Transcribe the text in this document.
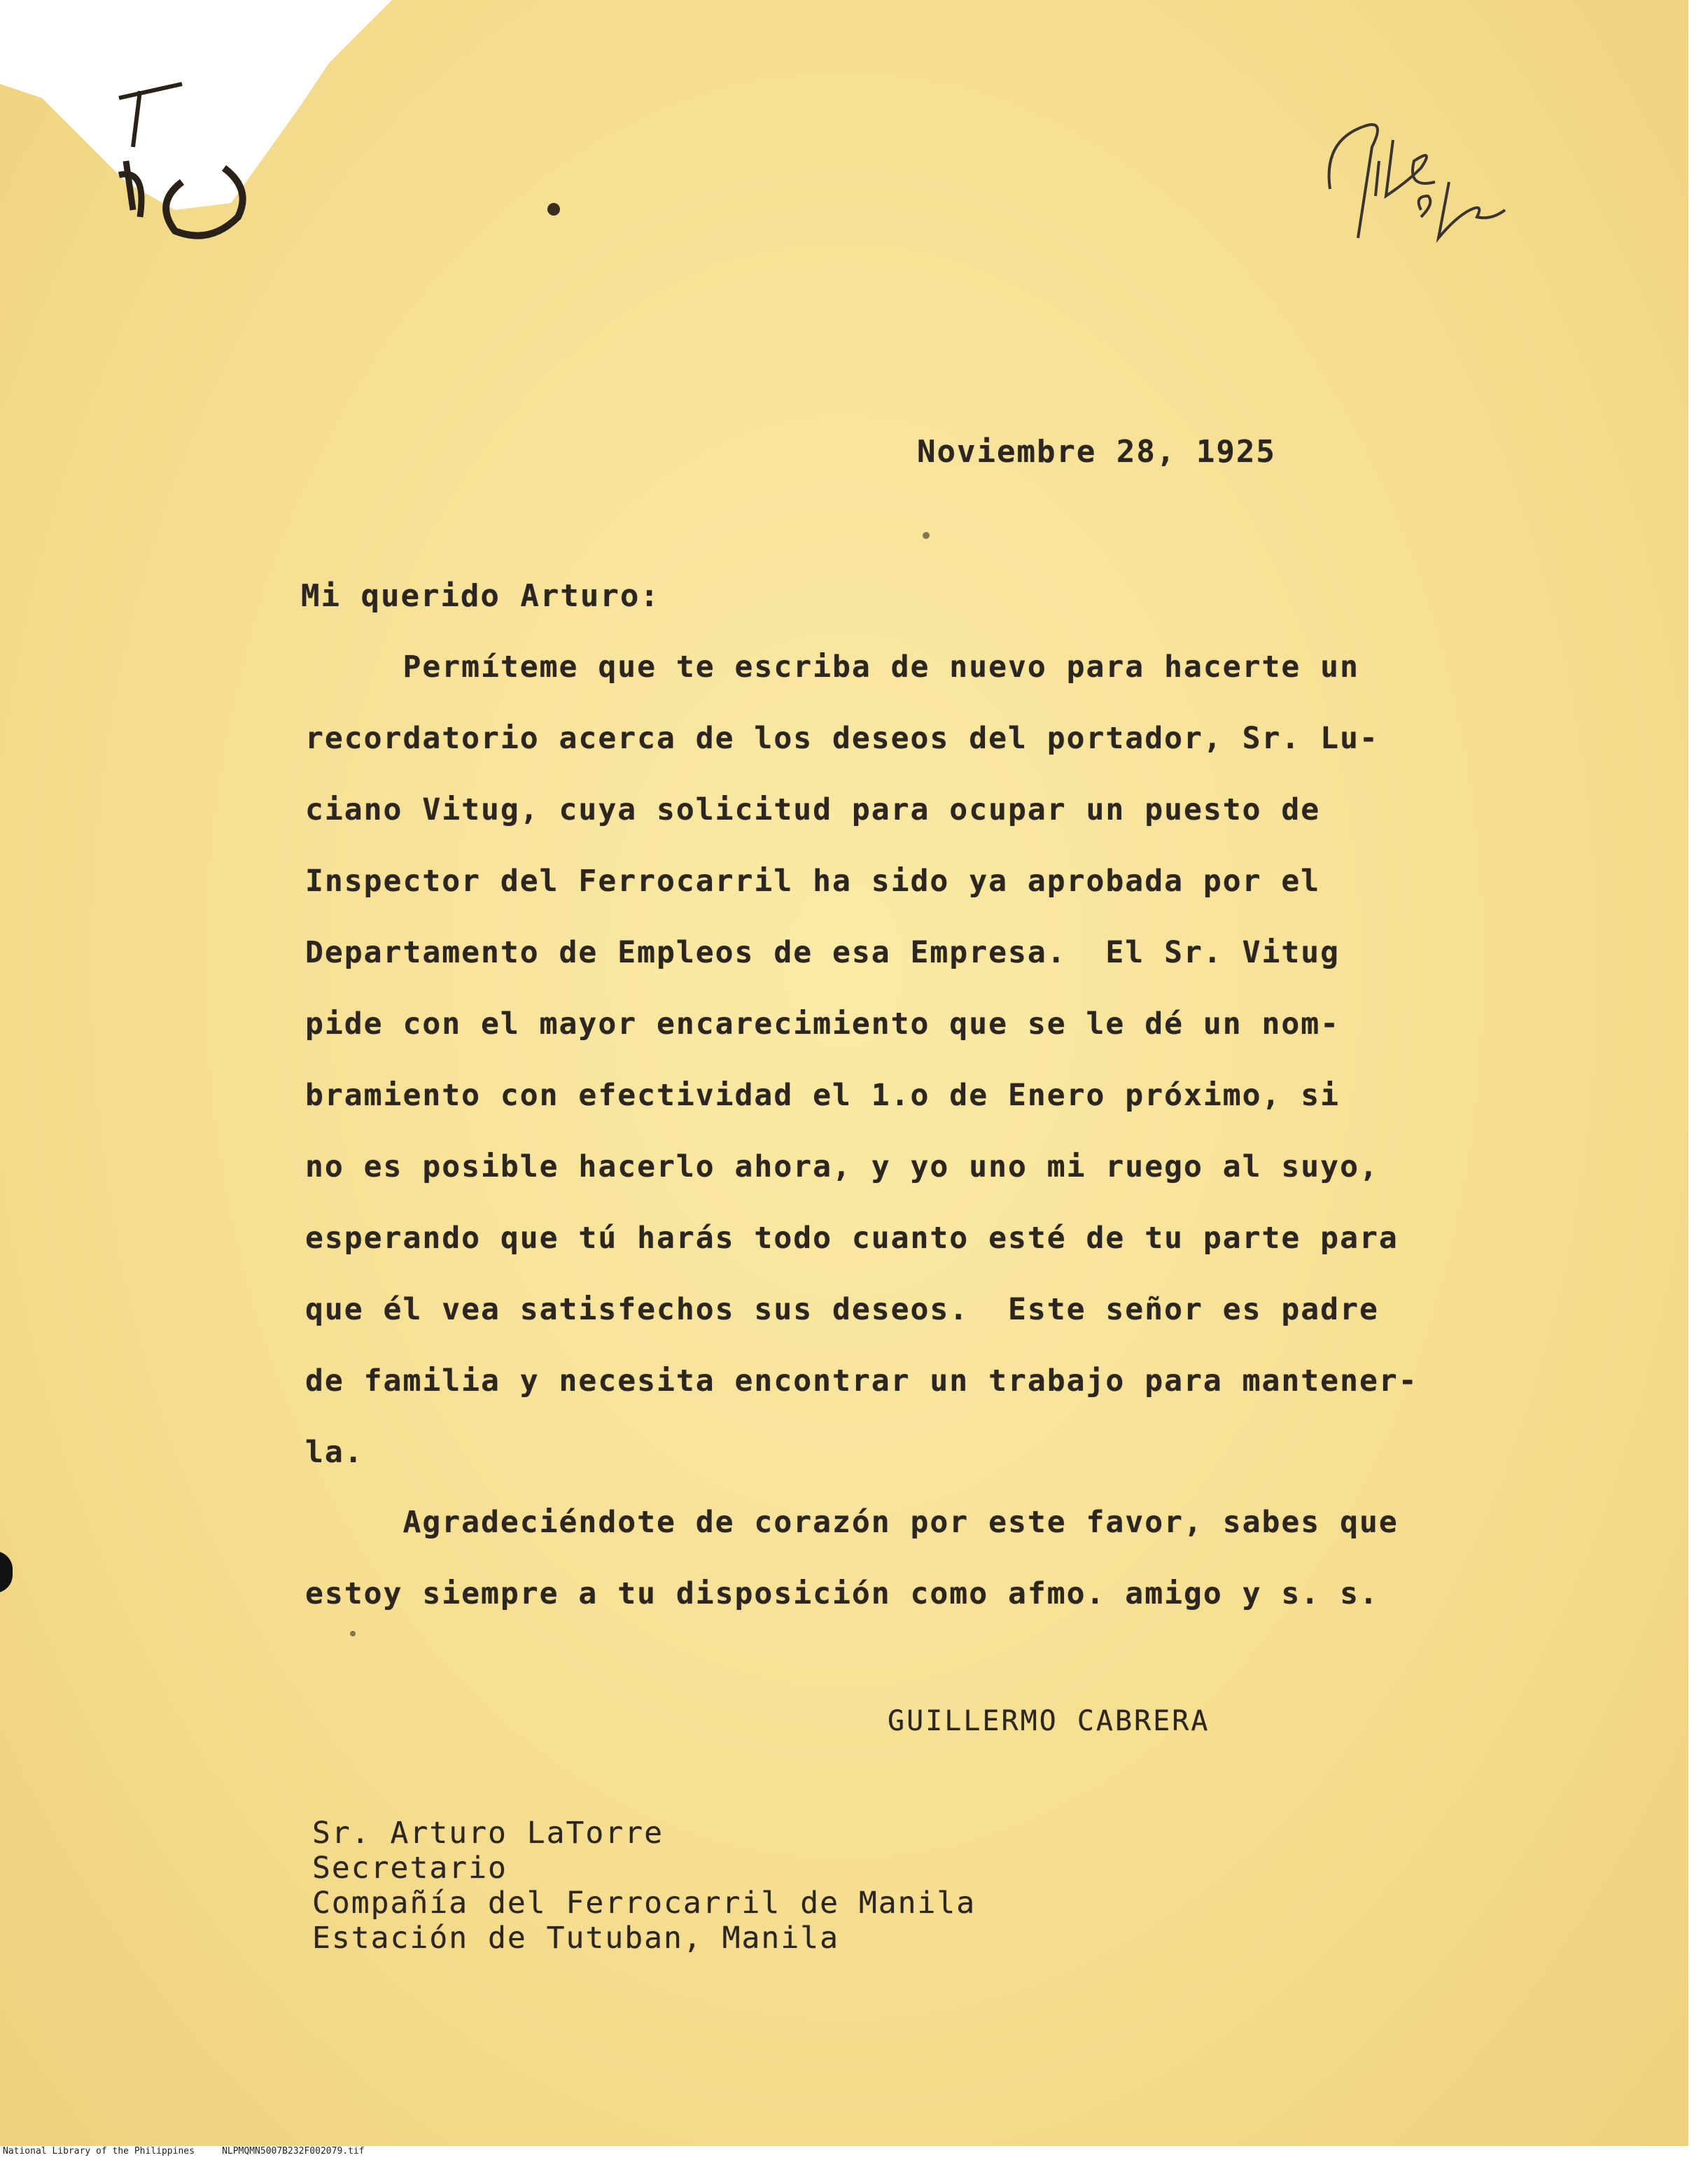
Noviembre 28, 1925
Mi querido Arturo:
Permíteme que te escriba de nuevo para hacerte un
recordatorio acerca de los deseos del portador, Sr. Lu-
ciano Vitug, cuya solicitud para ocupar un puesto de
Inspector del Ferrocarril ha sido ya aprobada por el
Departamento de Empleos de esa Empresa.  El Sr. Vitug
pide con el mayor encarecimiento que se le dé un nom-
bramiento con efectividad el 1.o de Enero próximo, si
no es posible hacerlo ahora, y yo uno mi ruego al suyo,
esperando que tú harás todo cuanto esté de tu parte para
que él vea satisfechos sus deseos.  Este señor es padre
de familia y necesita encontrar un trabajo para mantener-
la.
Agradeciéndote de corazón por este favor, sabes que
estoy siempre a tu disposición como afmo. amigo y s. s.
GUILLERMO CABRERA
Sr. Arturo LaTorre
Secretario
Compañía del Ferrocarril de Manila
Estación de Tutuban, Manila
National Library of the Philippines	NLPMQMN5007B232F002079.tif
